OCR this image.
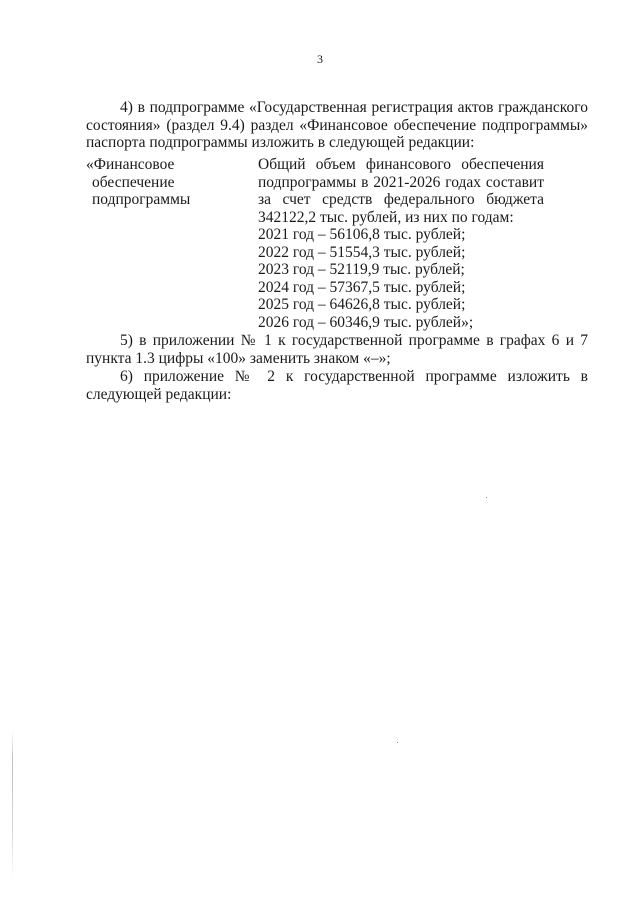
3
4) в подпрограмме «Государственная регистрация актов гражданского состояния» (раздел 9.4) раздел «Финансовое обеспечение подпрограммы» паспорта подпрограммы изложить в следующей редакции:
«Финансовое
обеспечение
подпрограммы
Общий объем финансового обеспечения подпрограммы в 2021-2026 годах составит за счет средств федерального бюджета 342122,2 тыс. рублей, из них по годам:
2021 год – 56106,8 тыс. рублей;
2022 год – 51554,3 тыс. рублей;
2023 год – 52119,9 тыс. рублей;
2024 год – 57367,5 тыс. рублей;
2025 год – 64626,8 тыс. рублей;
2026 год – 60346,9 тыс. рублей»;
5) в приложении № 1 к государственной программе в графах 6 и 7 пункта 1.3 цифры «100» заменить знаком «–»;
6) приложение № 2 к государственной программе изложить в следующей редакции:
